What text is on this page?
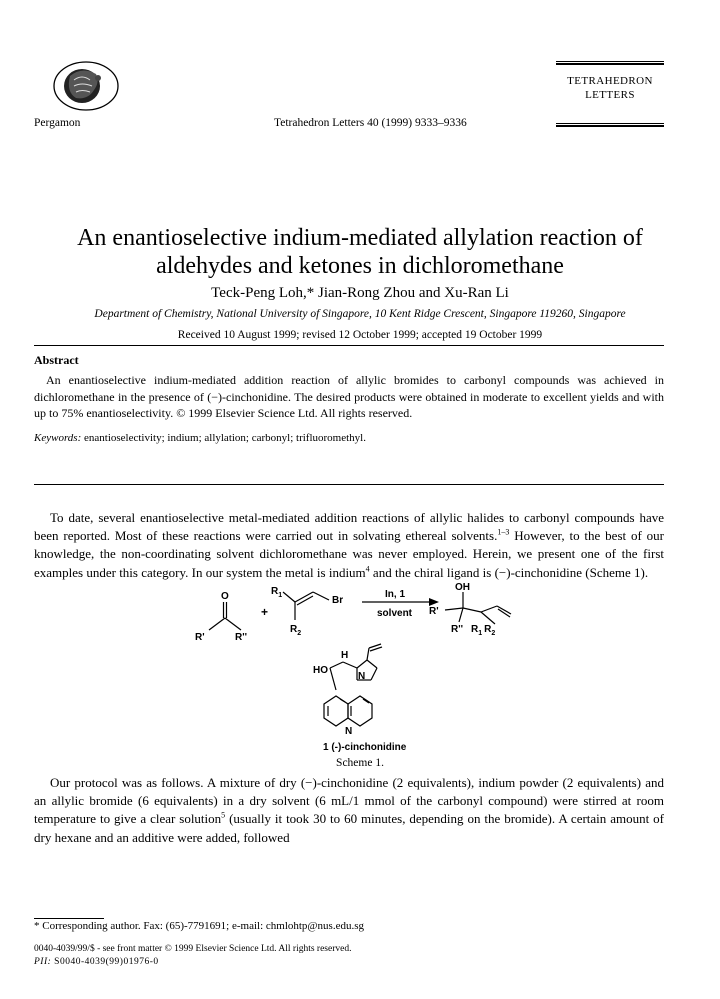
Pergamon	Tetrahedron Letters 40 (1999) 9333–9336
TETRAHEDRON
LETTERS
An enantioselective indium-mediated allylation reaction of
aldehydes and ketones in dichloromethane
Teck-Peng Loh,* Jian-Rong Zhou and Xu-Ran Li
Department of Chemistry, National University of Singapore, 10 Kent Ridge Crescent, Singapore 119260, Singapore
Received 10 August 1999; revised 12 October 1999; accepted 19 October 1999
Abstract

An enantioselective indium-mediated addition reaction of allylic bromides to carbonyl compounds was achieved in dichloromethane in the presence of (−)-cinchonidine. The desired products were obtained in moderate to excellent yields and with up to 75% enantioselectivity. © 1999 Elsevier Science Ltd. All rights reserved.

Keywords: enantioselectivity; indium; allylation; carbonyl; trifluoromethyl.

To date, several enantioselective metal-mediated addition reactions of allylic halides to carbonyl compounds have been reported. Most of these reactions were carried out in solvating ethereal solvents.$^{1-3}$ However, to the best of our knowledge, the non-coordinating solvent dichloromethane was never employed. Herein, we present one of the first examples under this category. In our system the metal is indium$^4$ and the chiral ligand is (−)-cinchonidine (Scheme 1).

O
R'	R''
+
$R_1$	Br
$R_2$
In, 1
solvent
OH
R'
R'' $R_1$ $R_2$
HO
H
N
N
1 (-)-cinchonidine
Scheme 1.

Our protocol was as follows. A mixture of dry (−)-cinchonidine (2 equivalents), indium powder (2 equivalents) and an allylic bromide (6 equivalents) in a dry solvent (6 mL/1 mmol of the carbonyl compound) were stirred at room temperature to give a clear solution$^5$ (usually it took 30 to 60 minutes, depending on the bromide). A certain amount of dry hexane and an additive were added, followed

* Corresponding author. Fax: (65)-7791691; e-mail: chmlohtp@nus.edu.sg
0040-4039/99/$ - see front matter © 1999 Elsevier Science Ltd. All rights reserved.
PII: S0040-4039(99)01976-0
